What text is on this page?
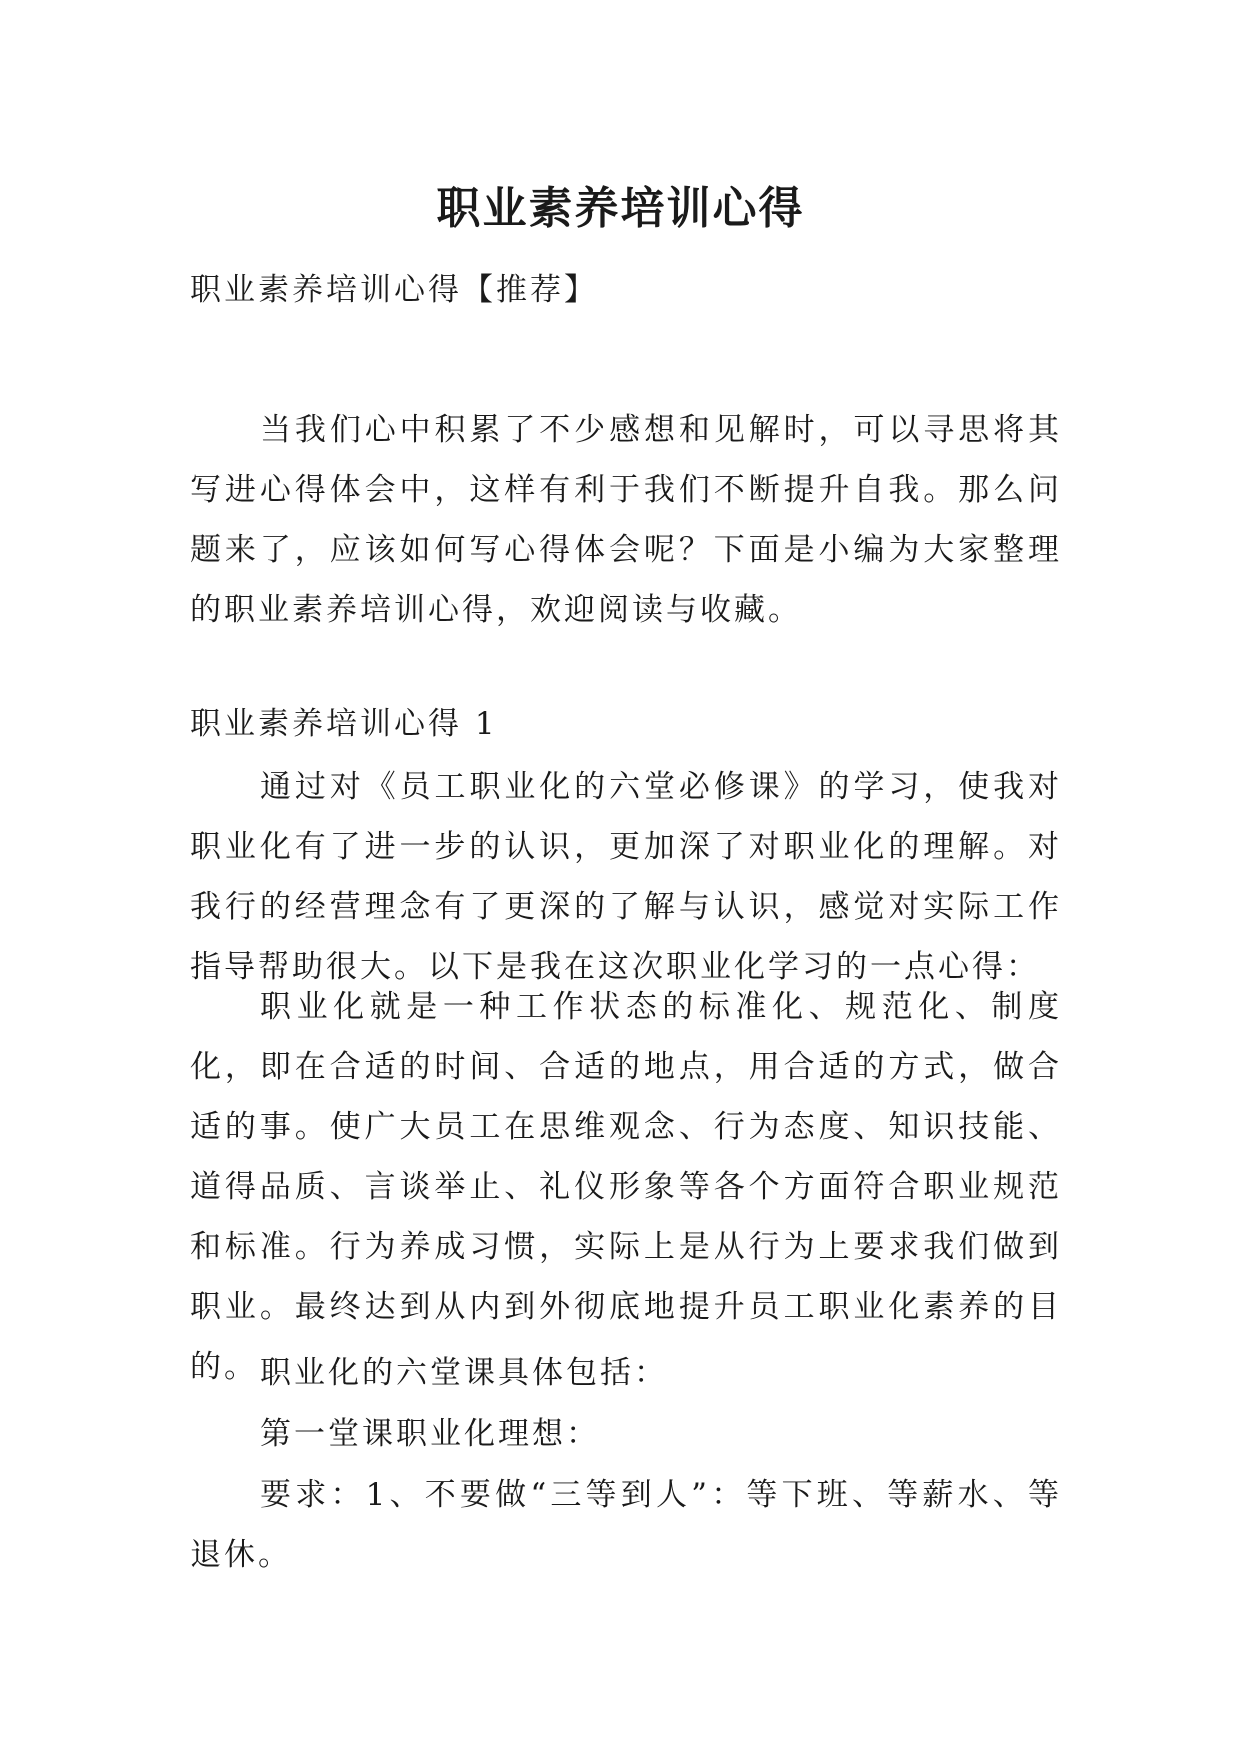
职业素养培训心得

职业素养培训心得【推荐】

当我们心中积累了不少感想和见解时，可以寻思将其写进心得体会中，这样有利于我们不断提升自我。那么问题来了，应该如何写心得体会呢？下面是小编为大家整理的职业素养培训心得，欢迎阅读与收藏。

职业素养培训心得 1

通过对《员工职业化的六堂必修课》的学习，使我对职业化有了进一步的认识，更加深了对职业化的理解。对我行的经营理念有了更深的了解与认识，感觉对实际工作指导帮助很大。以下是我在这次职业化学习的一点心得：

职业化就是一种工作状态的标准化、规范化、制度化，即在合适的时间、合适的地点，用合适的方式，做合适的事。使广大员工在思维观念、行为态度、知识技能、道得品质、言谈举止、礼仪形象等各个方面符合职业规范和标准。行为养成习惯，实际上是从行为上要求我们做到职业。最终达到从内到外彻底地提升员工职业化素养的目的。 职业化的六堂课具体包括：

第一堂课职业化理想：

要求：1、不要做“三等到人”：等下班、等薪水、等退休。
